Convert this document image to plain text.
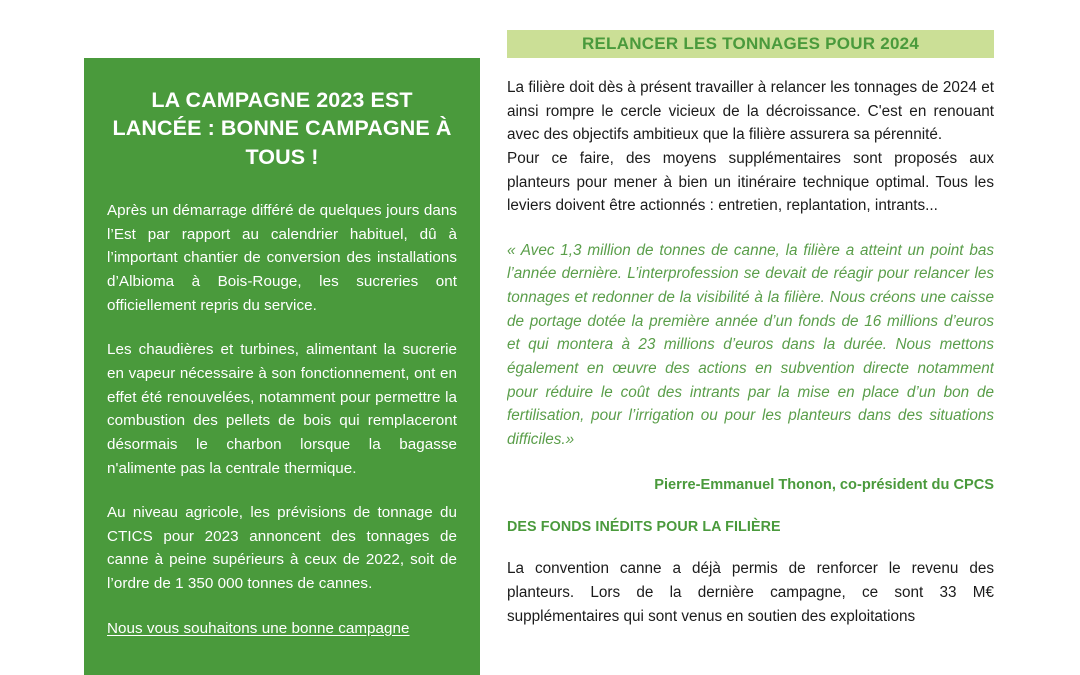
LA CAMPAGNE 2023 EST LANCÉE : BONNE CAMPAGNE À TOUS !

Après un démarrage différé de quelques jours dans l’Est par rapport au calendrier habituel, dû à l’important chantier de conversion des installations d’Albioma à Bois-Rouge, les sucreries ont officiellement repris du service.

Les chaudières et turbines, alimentant la sucrerie en vapeur nécessaire à son fonctionnement, ont en effet été renouvelées, notamment pour permettre la combustion des pellets de bois qui remplaceront désormais le charbon lorsque la bagasse n'alimente pas la centrale thermique.

Au niveau agricole, les prévisions de tonnage du CTICS pour 2023 annoncent des tonnages de canne à peine supérieurs à ceux de 2022, soit de l’ordre de 1 350 000 tonnes de cannes.

Nous vous souhaitons une bonne campagne

RELANCER LES TONNAGES POUR 2024

La filière doit dès à présent travailler à relancer les tonnages de 2024 et ainsi rompre le cercle vicieux de la décroissance. C'est en renouant avec des objectifs ambitieux que la filière assurera sa pérennité.

Pour ce faire, des moyens supplémentaires sont proposés aux planteurs pour mener à bien un itinéraire technique optimal. Tous les leviers doivent être actionnés : entretien, replantation, intrants...

« Avec 1,3 million de tonnes de canne, la filière a atteint un point bas l’année dernière. L’interprofession se devait de réagir pour relancer les tonnages et redonner de la visibilité à la filière. Nous créons une caisse de portage dotée la première année d’un fonds de 16 millions d’euros et qui montera à 23 millions d’euros dans la durée. Nous mettons également en œuvre des actions en subvention directe notamment pour réduire le coût des intrants par la mise en place d’un bon de fertilisation, pour l’irrigation ou pour les planteurs dans des situations difficiles.»

Pierre-Emmanuel Thonon, co-président du CPCS

DES FONDS INÉDITS POUR LA FILIÈRE

La convention canne a déjà permis de renforcer le revenu des planteurs. Lors de la dernière campagne, ce sont 33 M€ supplémentaires qui sont venus en soutien des exploitations
